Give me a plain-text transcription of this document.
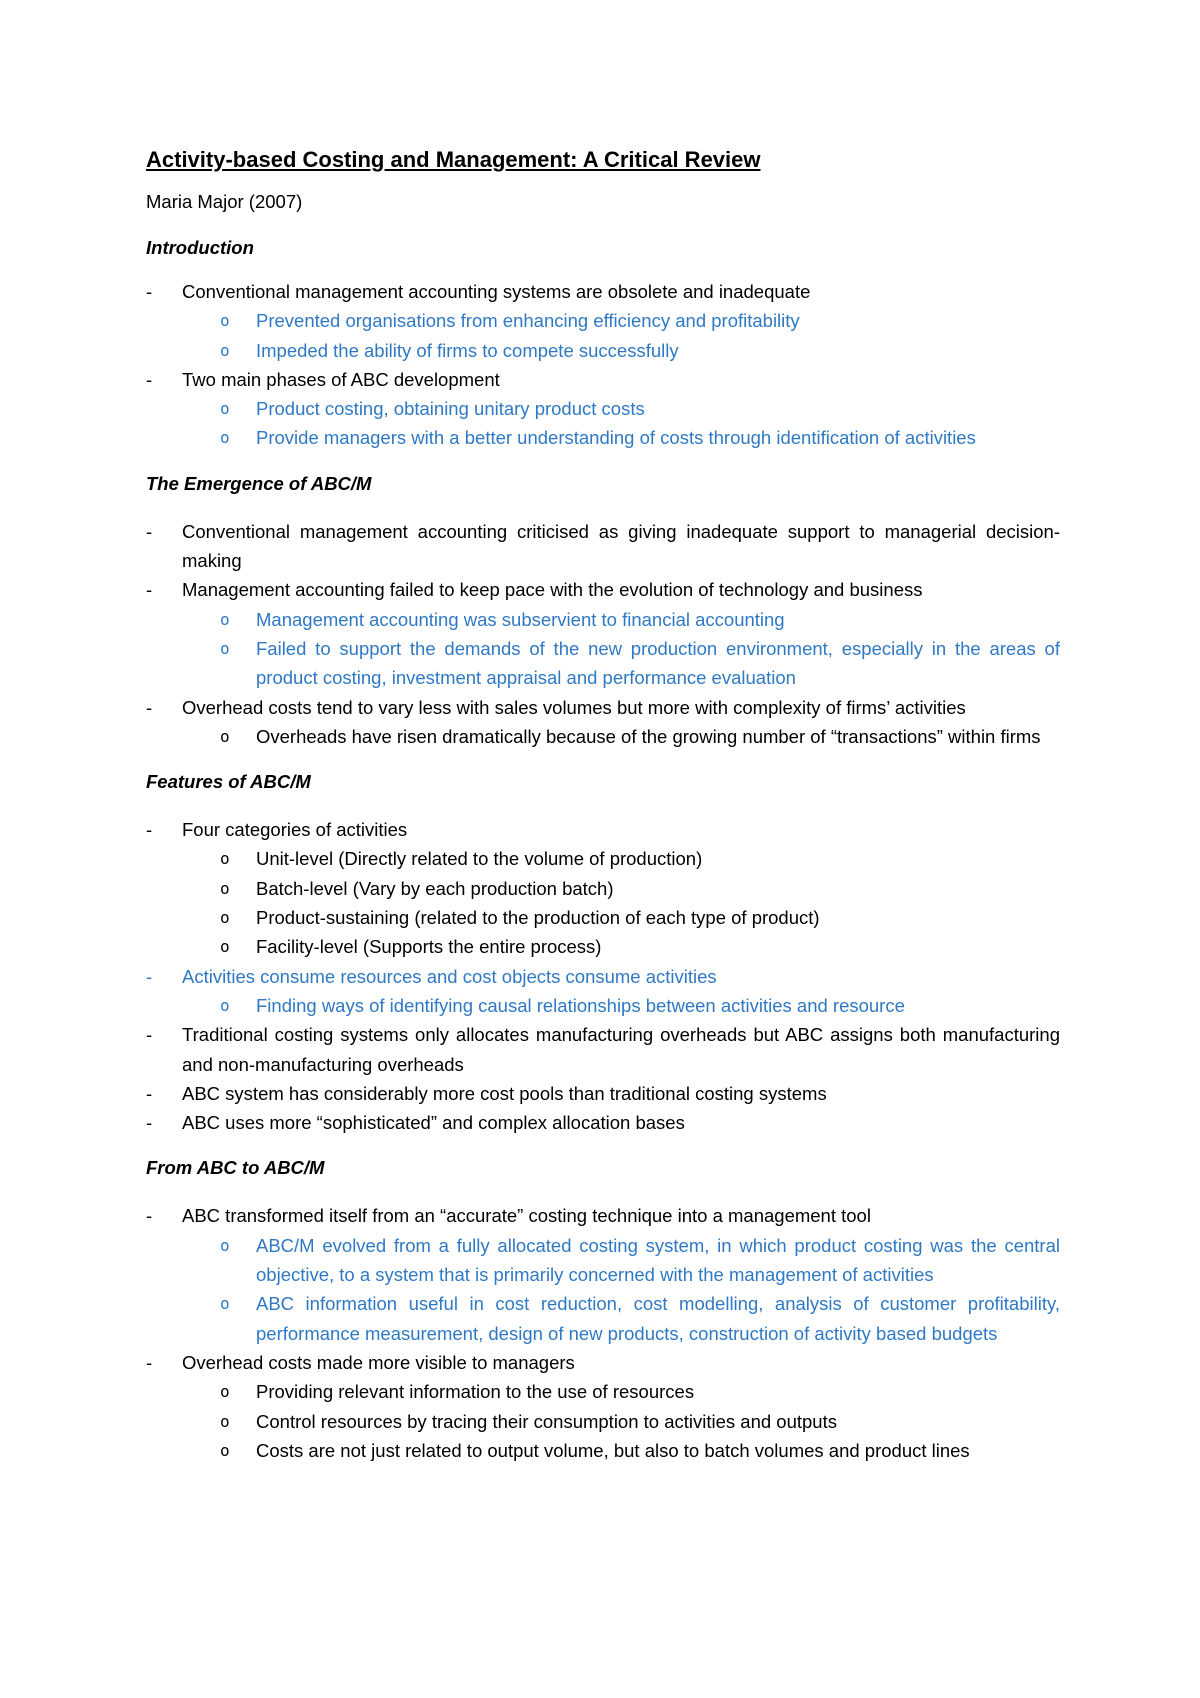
Activity-based Costing and Management: A Critical Review
Maria Major (2007)
Introduction
- Conventional management accounting systems are obsolete and inadequate
o Prevented organisations from enhancing efficiency and profitability
o Impeded the ability of firms to compete successfully
- Two main phases of ABC development
o Product costing, obtaining unitary product costs
o Provide managers with a better understanding of costs through identification of activities
The Emergence of ABC/M
- Conventional management accounting criticised as giving inadequate support to managerial decision-making
- Management accounting failed to keep pace with the evolution of technology and business
o Management accounting was subservient to financial accounting
o Failed to support the demands of the new production environment, especially in the areas of product costing, investment appraisal and performance evaluation
- Overhead costs tend to vary less with sales volumes but more with complexity of firms’ activities
o Overheads have risen dramatically because of the growing number of “transactions” within firms
Features of ABC/M
- Four categories of activities
o Unit-level (Directly related to the volume of production)
o Batch-level (Vary by each production batch)
o Product-sustaining (related to the production of each type of product)
o Facility-level (Supports the entire process)
- Activities consume resources and cost objects consume activities
o Finding ways of identifying causal relationships between activities and resource
- Traditional costing systems only allocates manufacturing overheads but ABC assigns both manufacturing and non-manufacturing overheads
- ABC system has considerably more cost pools than traditional costing systems
- ABC uses more “sophisticated” and complex allocation bases
From ABC to ABC/M
- ABC transformed itself from an “accurate” costing technique into a management tool
o ABC/M evolved from a fully allocated costing system, in which product costing was the central objective, to a system that is primarily concerned with the management of activities
o ABC information useful in cost reduction, cost modelling, analysis of customer profitability, performance measurement, design of new products, construction of activity based budgets
- Overhead costs made more visible to managers
o Providing relevant information to the use of resources
o Control resources by tracing their consumption to activities and outputs
o Costs are not just related to output volume, but also to batch volumes and product lines
